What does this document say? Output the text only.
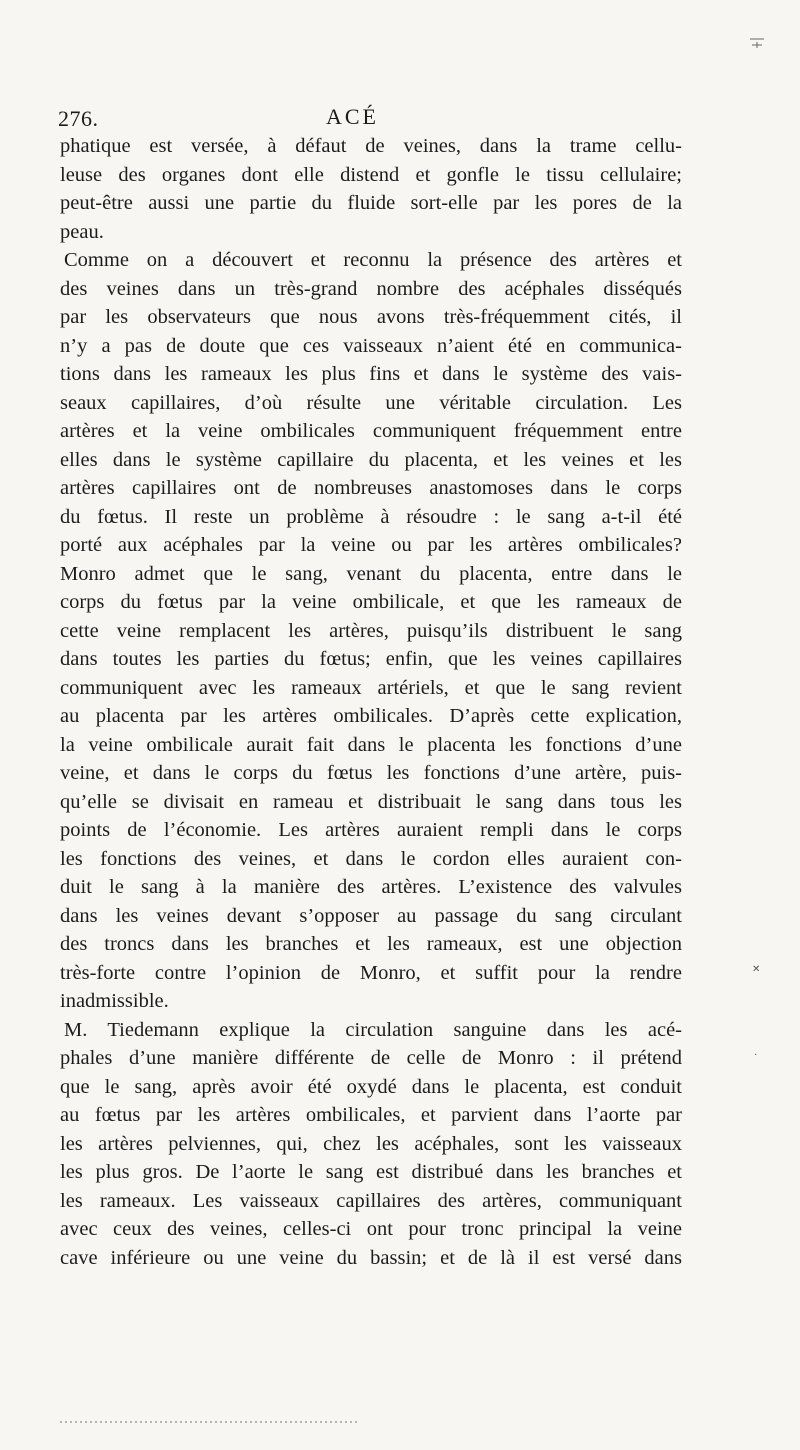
276.	ACÉ
phatique est versée, à défaut de veines, dans la trame cellu-
leuse des organes dont elle distend et gonfle le tissu cellulaire;
peut-être aussi une partie du fluide sort-elle par les pores de la
peau.
Comme on a découvert et reconnu la présence des artères et
des veines dans un très-grand nombre des acéphales disséqués
par les observateurs que nous avons très-fréquemment cités, il
n’y a pas de doute que ces vaisseaux n’aient été en communica-
tions dans les rameaux les plus fins et dans le système des vais-
seaux capillaires, d’où résulte une véritable circulation. Les
artères et la veine ombilicales communiquent fréquemment entre
elles dans le système capillaire du placenta, et les veines et les
artères capillaires ont de nombreuses anastomoses dans le corps
du fœtus. Il reste un problème à résoudre : le sang a-t-il été
porté aux acéphales par la veine ou par les artères ombilicales?
Monro admet que le sang, venant du placenta, entre dans le
corps du fœtus par la veine ombilicale, et que les rameaux de
cette veine remplacent les artères, puisqu’ils distribuent le sang
dans toutes les parties du fœtus; enfin, que les veines capillaires
communiquent avec les rameaux artériels, et que le sang revient
au placenta par les artères ombilicales. D’après cette explication,
la veine ombilicale aurait fait dans le placenta les fonctions d’une
veine, et dans le corps du fœtus les fonctions d’une artère, puis-
qu’elle se divisait en rameau et distribuait le sang dans tous les
points de l’économie. Les artères auraient rempli dans le corps
les fonctions des veines, et dans le cordon elles auraient con-
duit le sang à la manière des artères. L’existence des valvules
dans les veines devant s’opposer au passage du sang circulant
des troncs dans les branches et les rameaux, est une objection
très-forte contre l’opinion de Monro, et suffit pour la rendre
inadmissible.
M. Tiedemann explique la circulation sanguine dans les acé-
phales d’une manière différente de celle de Monro : il prétend
que le sang, après avoir été oxydé dans le placenta, est conduit
au fœtus par les artères ombilicales, et parvient dans l’aorte par
les artères pelviennes, qui, chez les acéphales, sont les vaisseaux
les plus gros. De l’aorte le sang est distribué dans les branches et
les rameaux. Les vaisseaux capillaires des artères, communiquant
avec ceux des veines, celles-ci ont pour tronc principal la veine
cave inférieure ou une veine du bassin; et de là il est versé dans
✕
·
